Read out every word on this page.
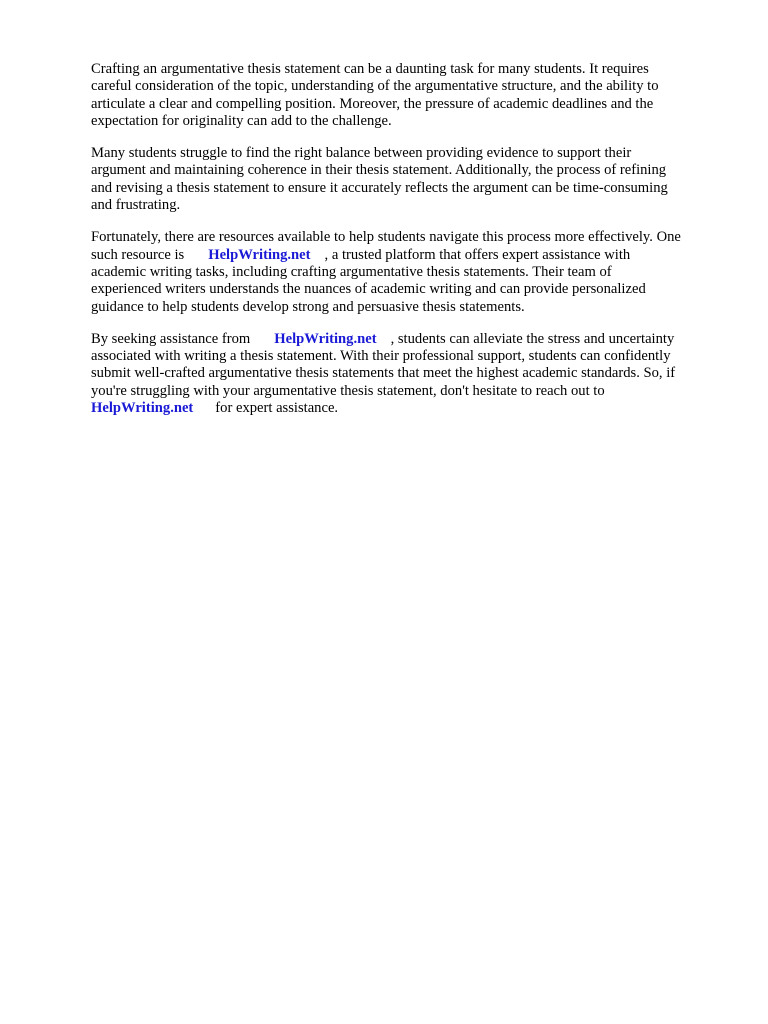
Crafting an argumentative thesis statement can be a daunting task for many students. It requires
careful consideration of the topic, understanding of the argumentative structure, and the ability to
articulate a clear and compelling position. Moreover, the pressure of academic deadlines and the
expectation for originality can add to the challenge.

Many students struggle to find the right balance between providing evidence to support their
argument and maintaining coherence in their thesis statement. Additionally, the process of refining
and revising a thesis statement to ensure it accurately reflects the argument can be time-consuming
and frustrating.

Fortunately, there are resources available to help students navigate this process more effectively. One
such resource is HelpWriting.net , a trusted platform that offers expert assistance with
academic writing tasks, including crafting argumentative thesis statements. Their team of
experienced writers understands the nuances of academic writing and can provide personalized
guidance to help students develop strong and persuasive thesis statements.

By seeking assistance from HelpWriting.net , students can alleviate the stress and uncertainty
associated with writing a thesis statement. With their professional support, students can confidently
submit well-crafted argumentative thesis statements that meet the highest academic standards. So, if
you're struggling with your argumentative thesis statement, don't hesitate to reach out to
HelpWriting.net for expert assistance.
